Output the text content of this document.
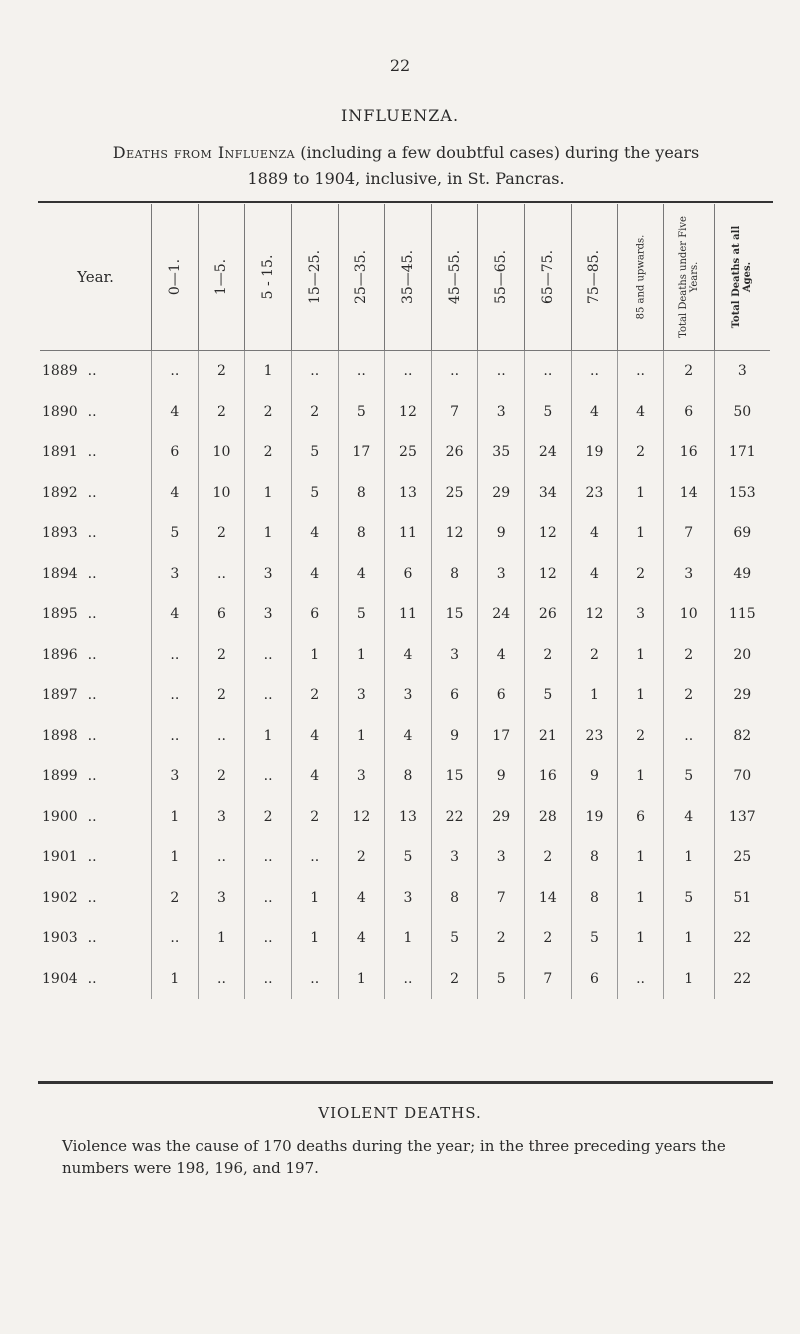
22
INFLUENZA.
Deaths from Influenza (including a few doubtful cases) during the years
1889 to 1904, inclusive, in St. Pancras.
Year.	0—1.	1—5.	5 - 15.	15—25.	25—35.	35—45.	45—55.	55—65.	65—75.	75—85.	85 and upwards.	Total Deaths under Five Years.	Total Deaths at all Ages.

1889 ..	..	2	1	..	..	..	..	..	..	..	..	2	3
1890 ..	4	2	2	2	5	12	7	3	5	4	4	6	50
1891 ..	6	10	2	5	17	25	26	35	24	19	2	16	171
1892 ..	4	10	1	5	8	13	25	29	34	23	1	14	153
1893 ..	5	2	1	4	8	11	12	9	12	4	1	7	69
1894 ..	3	..	3	4	4	6	8	3	12	4	2	3	49
1895 ..	4	6	3	6	5	11	15	24	26	12	3	10	115
1896 ..	..	2	..	1	1	4	3	4	2	2	1	2	20
1897 ..	..	2	..	2	3	3	6	6	5	1	1	2	29
1898 ..	..	..	1	4	1	4	9	17	21	23	2	..	82
1899 ..	3	2	..	4	3	8	15	9	16	9	1	5	70
1900 ..	1	3	2	2	12	13	22	29	28	19	6	4	137
1901 ..	1	..	..	..	2	5	3	3	2	8	1	1	25
1902 ..	2	3	..	1	4	3	8	7	14	8	1	5	51
1903 ..	..	1	..	1	4	1	5	2	2	5	1	1	22
1904 ..	1	..	..	..	1	..	2	5	7	6	..	1	22
VIOLENT DEATHS.
Violence was the cause of 170 deaths during the year; in the three preceding years the numbers were 198, 196, and 197.
